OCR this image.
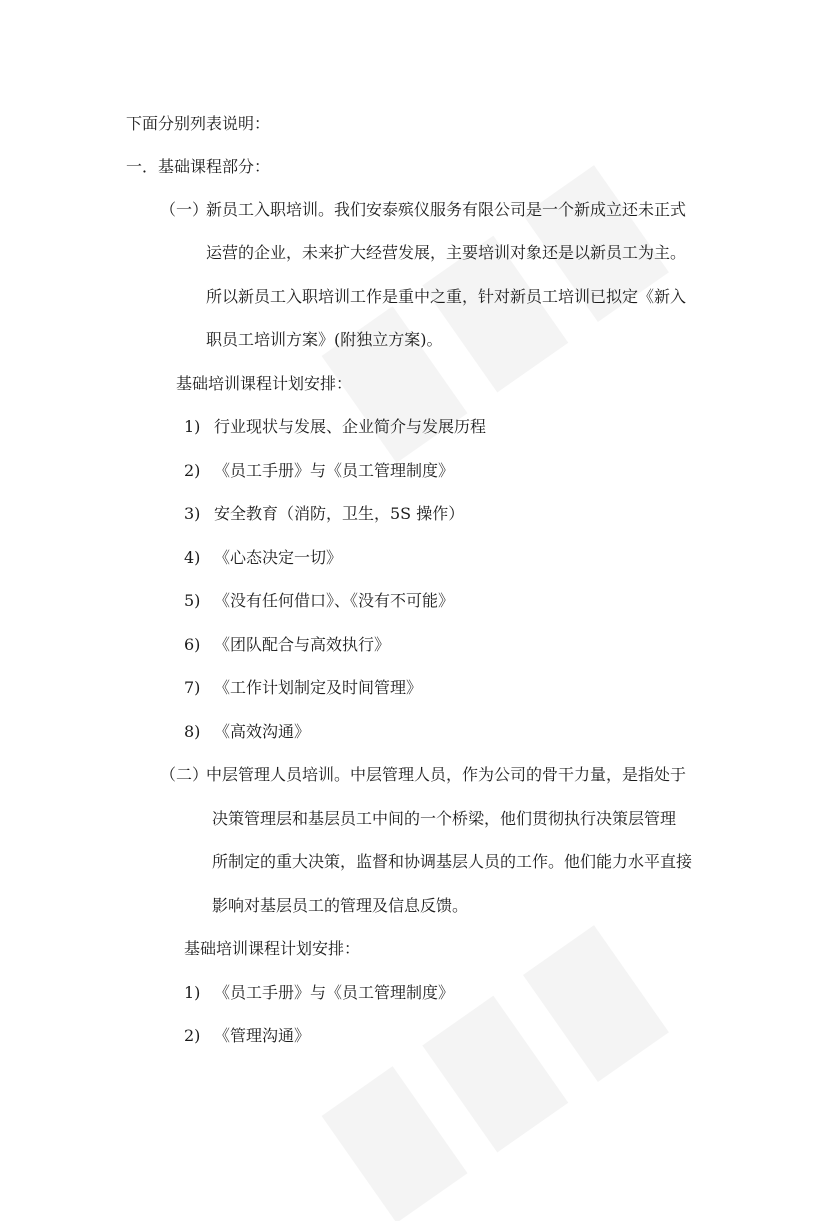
下面分别列表说明：
一．基础课程部分：
（一）
新员工入职培训。我们安泰殡仪服务有限公司是一个新成立还未正式
运营的企业，未来扩大经营发展，主要培训对象还是以新员工为主。
所以新员工入职培训工作是重中之重，针对新员工培训已拟定《新入
职员工培训方案》(附独立方案)。
基础培训课程计划安排：
1) 行业现状与发展、企业简介与发展历程
2) 《员工手册》与《员工管理制度》
3) 安全教育（消防，卫生，5S 操作）
4) 《心态决定一切》
5) 《没有任何借口》、《没有不可能》
6) 《团队配合与高效执行》
7) 《工作计划制定及时间管理》
8) 《高效沟通》
（二）
中层管理人员培训。中层管理人员，作为公司的骨干力量，是指处于
决策管理层和基层员工中间的一个桥梁，他们贯彻执行决策层管理
所制定的重大决策，监督和协调基层人员的工作。他们能力水平直接
影响对基层员工的管理及信息反馈。
基础培训课程计划安排：
1) 《员工手册》与《员工管理制度》
2) 《管理沟通》
